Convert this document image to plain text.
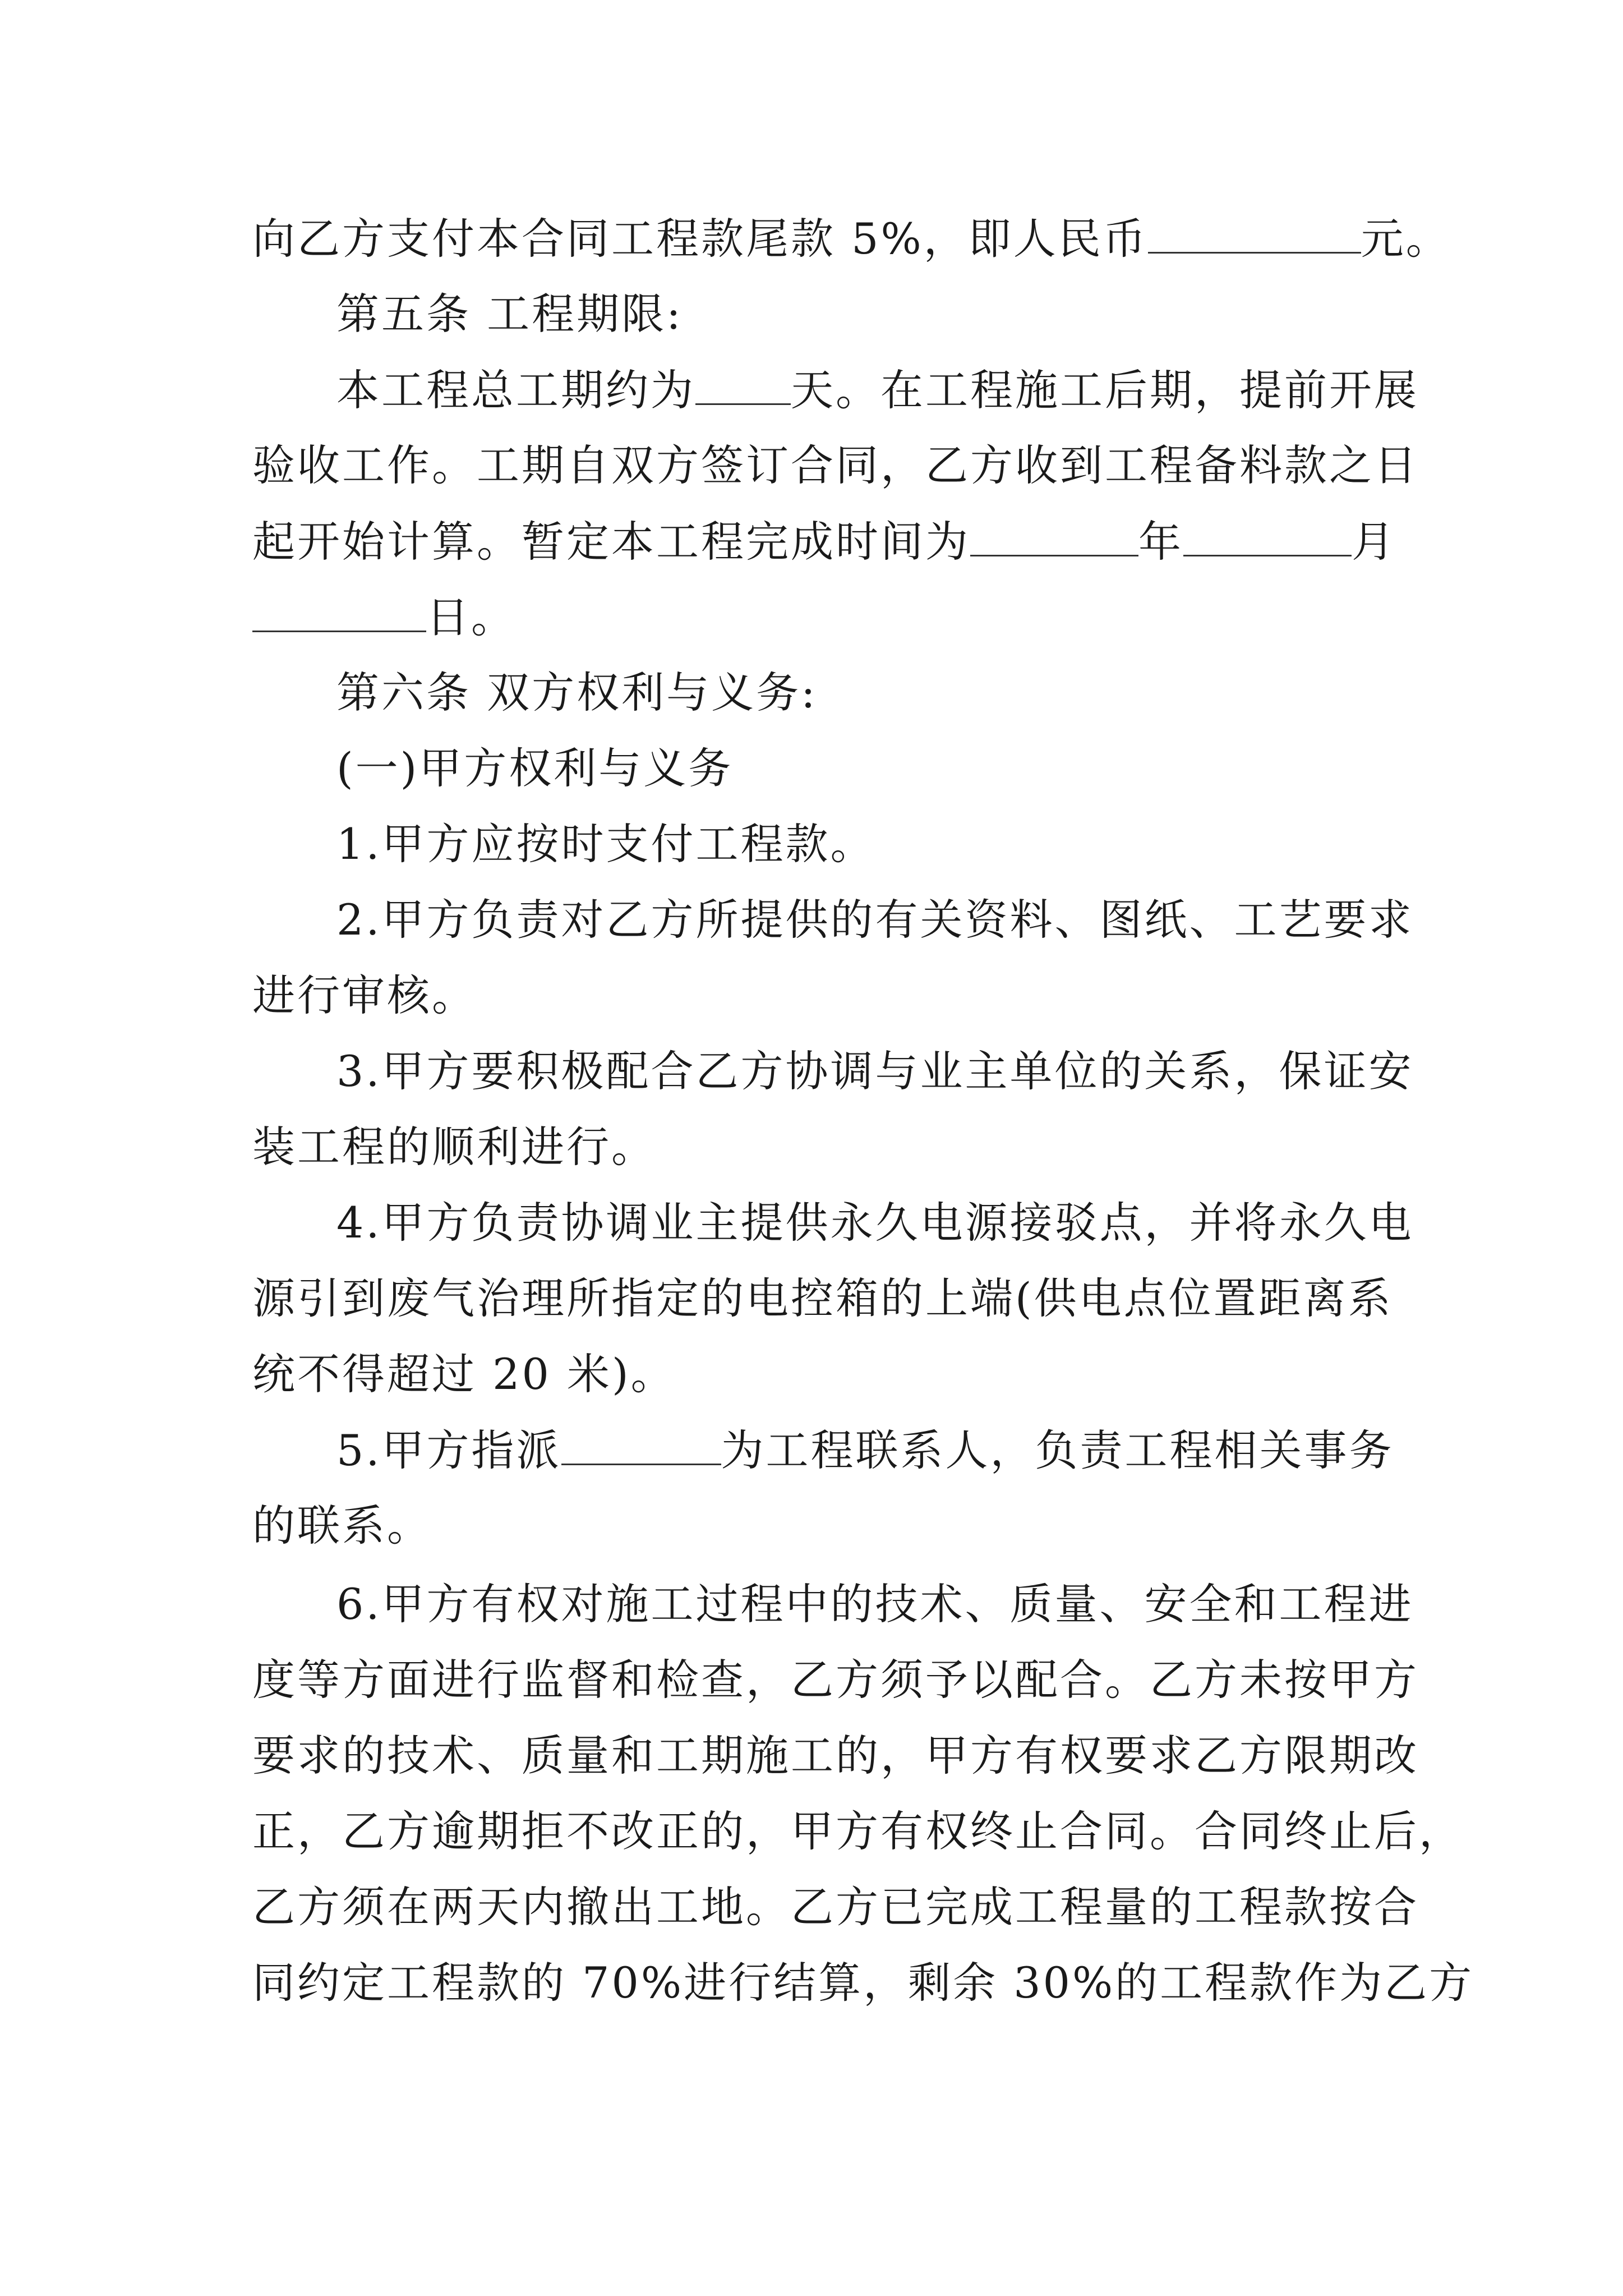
向乙方支付本合同工程款尾款 5%，即人民币	元。
第五条 工程期限:
本工程总工期约为 天。在工程施工后期，提前开展
验收工作。工期自双方签订合同，乙方收到工程备料款之日
起开始计算。暂定本工程完成时间为	年	月
日。
第六条 双方权利与义务:
(一)甲方权利与义务
1.甲方应按时支付工程款。
2.甲方负责对乙方所提供的有关资料、图纸、工艺要求
进行审核。
3.甲方要积极配合乙方协调与业主单位的关系，保证安
装工程的顺利进行。
4.甲方负责协调业主提供永久电源接驳点，并将永久电
源引到废气治理所指定的电控箱的上端(供电点位置距离系
统不得超过 20 米)。
5.甲方指派	为工程联系人，负责工程相关事务
的联系。
6.甲方有权对施工过程中的技术、质量、安全和工程进
度等方面进行监督和检查，乙方须予以配合。乙方未按甲方
要求的技术、质量和工期施工的，甲方有权要求乙方限期改
正，乙方逾期拒不改正的，甲方有权终止合同。合同终止后，
乙方须在两天内撤出工地。乙方已完成工程量的工程款按合
同约定工程款的 70%进行结算，剩余 30%的工程款作为乙方
